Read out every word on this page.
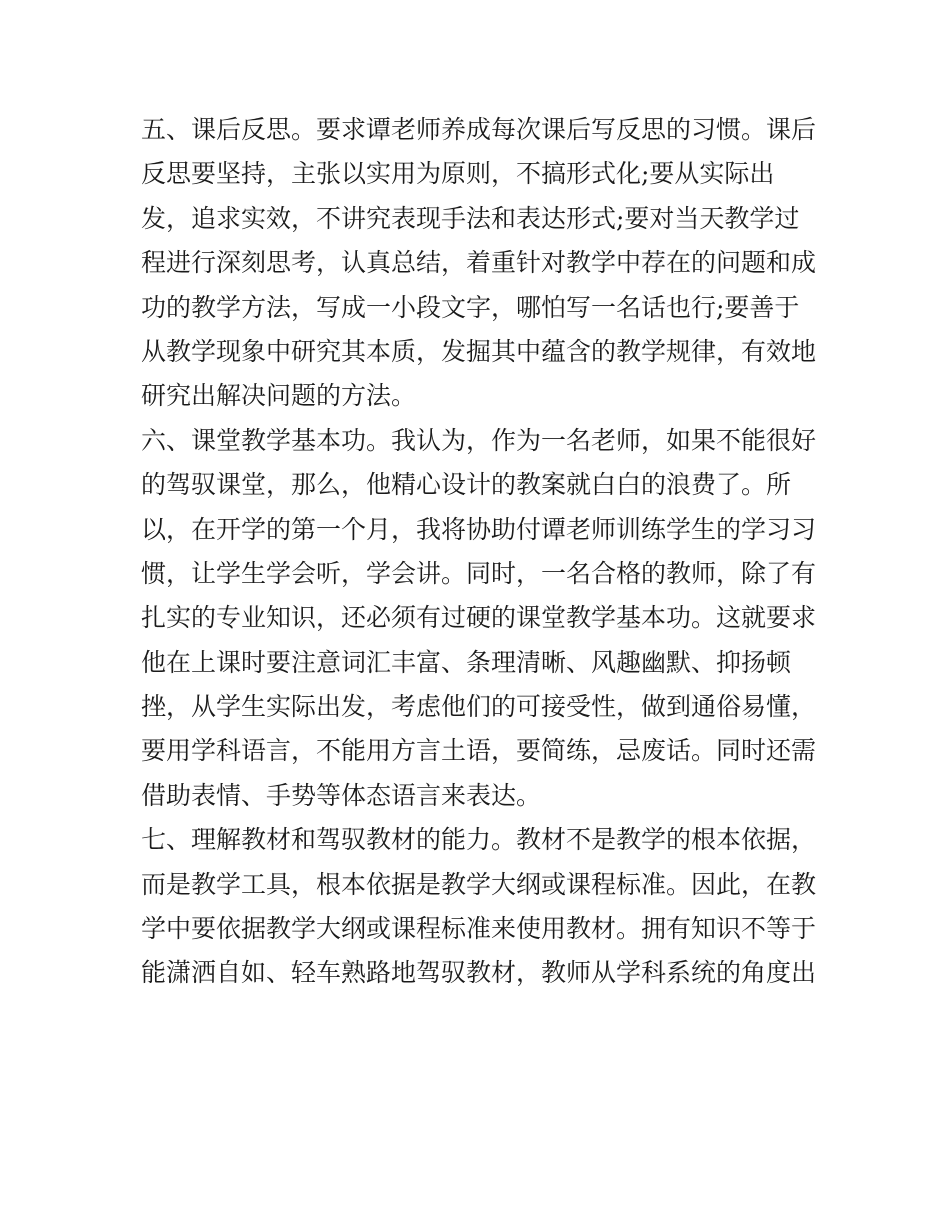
五、课后反思。要求谭老师养成每次课后写反思的习惯。课后
反思要坚持，主张以实用为原则，不搞形式化;要从实际出
发，追求实效，不讲究表现手法和表达形式;要对当天教学过
程进行深刻思考，认真总结，着重针对教学中荐在的问题和成
功的教学方法，写成一小段文字，哪怕写一名话也行;要善于
从教学现象中研究其本质，发掘其中蕴含的教学规律，有效地
研究出解决问题的方法。
六、课堂教学基本功。我认为，作为一名老师，如果不能很好
的驾驭课堂，那么，他精心设计的教案就白白的浪费了。所
以，在开学的第一个月，我将协助付谭老师训练学生的学习习
惯，让学生学会听，学会讲。同时，一名合格的教师，除了有
扎实的专业知识，还必须有过硬的课堂教学基本功。这就要求
他在上课时要注意词汇丰富、条理清晰、风趣幽默、抑扬顿
挫，从学生实际出发，考虑他们的可接受性，做到通俗易懂，
要用学科语言，不能用方言土语，要简练，忌废话。同时还需
借助表情、手势等体态语言来表达。
七、理解教材和驾驭教材的能力。教材不是教学的根本依据，
而是教学工具，根本依据是教学大纲或课程标准。因此，在教
学中要依据教学大纲或课程标准来使用教材。拥有知识不等于
能潇洒自如、轻车熟路地驾驭教材，教师从学科系统的角度出
